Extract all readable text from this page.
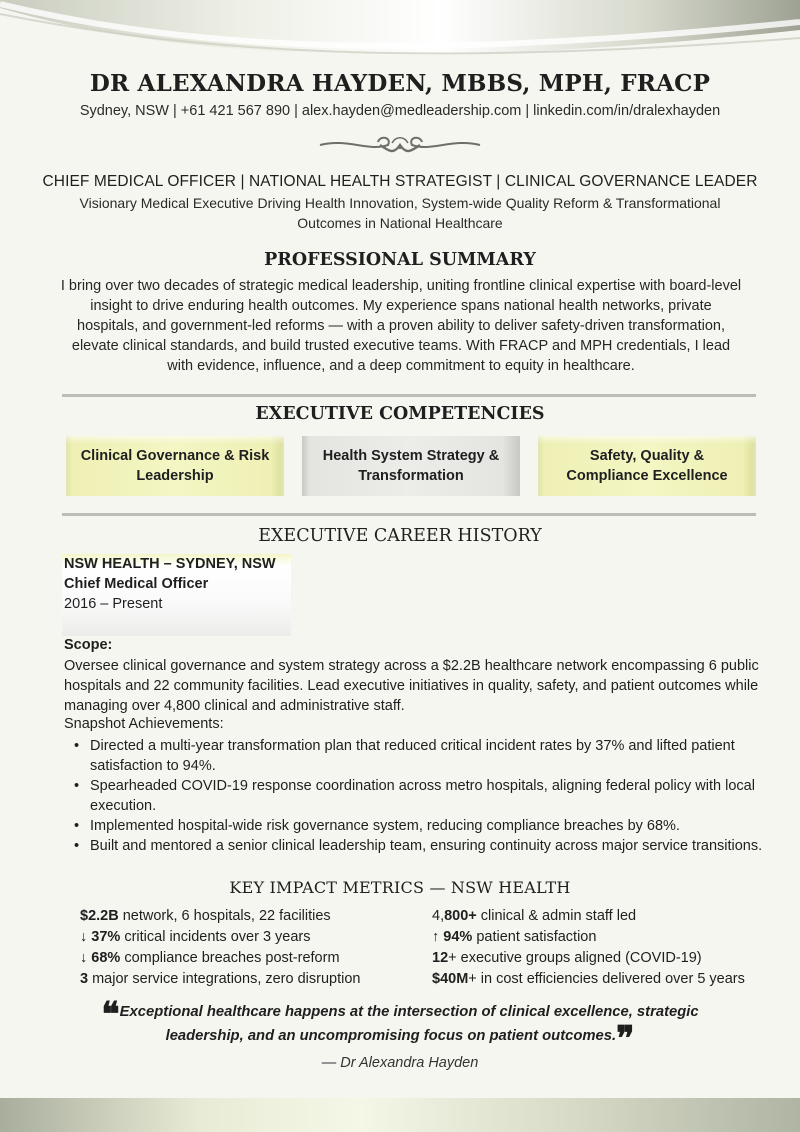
DR ALEXANDRA HAYDEN, MBBS, MPH, FRACP
Sydney, NSW | +61 421 567 890 | alex.hayden@medleadership.com | linkedin.com/in/dralexhayden
CHIEF MEDICAL OFFICER | NATIONAL HEALTH STRATEGIST | CLINICAL GOVERNANCE LEADER
Visionary Medical Executive Driving Health Innovation, System-wide Quality Reform & Transformational Outcomes in National Healthcare
PROFESSIONAL SUMMARY
I bring over two decades of strategic medical leadership, uniting frontline clinical expertise with board-level insight to drive enduring health outcomes. My experience spans national health networks, private hospitals, and government-led reforms — with a proven ability to deliver safety-driven transformation, elevate clinical standards, and build trusted executive teams. With FRACP and MPH credentials, I lead with evidence, influence, and a deep commitment to equity in healthcare.
EXECUTIVE COMPETENCIES
Clinical Governance & Risk Leadership
Health System Strategy & Transformation
Safety, Quality & Compliance Excellence
EXECUTIVE CAREER HISTORY
NSW HEALTH – SYDNEY, NSW
Chief Medical Officer
2016 – Present
Scope:
Oversee clinical governance and system strategy across a $2.2B healthcare network encompassing 6 public hospitals and 22 community facilities. Lead executive initiatives in quality, safety, and patient outcomes while managing over 4,800 clinical and administrative staff.
Snapshot Achievements:
• Directed a multi-year transformation plan that reduced critical incident rates by 37% and lifted patient satisfaction to 94%.
• Spearheaded COVID-19 response coordination across metro hospitals, aligning federal policy with local execution.
• Implemented hospital-wide risk governance system, reducing compliance breaches by 68%.
• Built and mentored a senior clinical leadership team, ensuring continuity across major service transitions.
KEY IMPACT METRICS — NSW HEALTH
$2.2B network, 6 hospitals, 22 facilities
↓ 37% critical incidents over 3 years
↓ 68% compliance breaches post-reform
3 major service integrations, zero disruption
4,800+ clinical & admin staff led
↑ 94% patient satisfaction
12+ executive groups aligned (COVID-19)
$40M+ in cost efficiencies delivered over 5 years
❝Exceptional healthcare happens at the intersection of clinical excellence, strategic leadership, and an uncompromising focus on patient outcomes.❞
— Dr Alexandra Hayden
